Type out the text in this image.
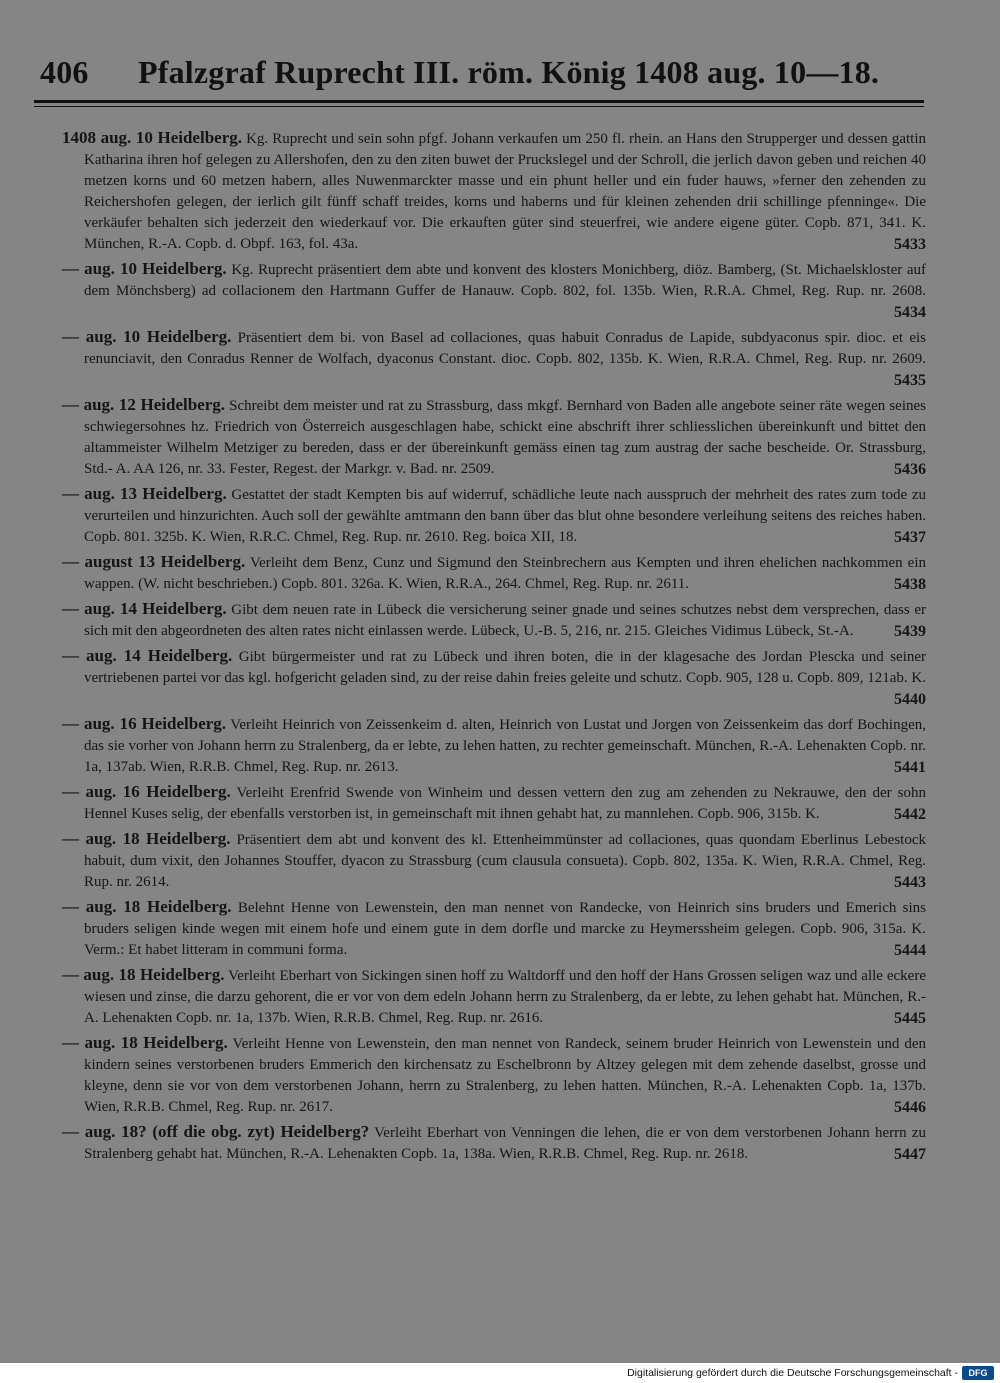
406 Pfalzgraf Ruprecht III. röm. König 1408 aug. 10—18.
1408 aug. 10 Heidelberg. Kg. Ruprecht und sein sohn pfgf. Johann verkaufen um 250 fl. rhein. an Hans den Strupperger und dessen gattin Katharina ihren hof gelegen zu Allershofen, den zu den ziten buwet der Pruckslegel und der Schroll, die jerlich davon geben und reichen 40 metzen korns und 60 metzen habern, alles Nuwenmarckter masse und ein phunt heller und ein fuder hauws, »ferner den zehenden zu Reichershofen gelegen, der ierlich gilt fünff schaff treides, korns und haberns und für kleinen zehenden drii schillinge pfenninge«. Die verkäufer behalten sich jederzeit den wiederkauf vor. Die erkauften güter sind steuerfrei, wie andere eigene güter. Copb. 871, 341. K. München, R.-A. Copb. d. Obpf. 163, fol. 43a.	5433
— aug. 10 Heidelberg. Kg. Ruprecht präsentiert dem abte und konvent des klosters Monichberg, diöz. Bamberg, (St. Michaelskloster auf dem Mönchsberg) ad collacionem den Hartmann Guffer de Hanauw. Copb. 802, fol. 135b. Wien, R.R.A. Chmel, Reg. Rup. nr. 2608.
5434
— aug. 10 Heidelberg. Präsentiert dem bi. von Basel ad collaciones, quas habuit Conradus de Lapide, subdyaconus spir. dioc. et eis renunciavit, den Conradus Renner de Wolfach, dyaconus Constant. dioc. Copb. 802, 135b. K. Wien, R.R.A. Chmel, Reg. Rup. nr. 2609.
5435
— aug. 12 Heidelberg. Schreibt dem meister und rat zu Strassburg, dass mkgf. Bernhard von Baden alle angebote seiner räte wegen seines schwiegersohnes hz. Friedrich von Österreich ausgeschlagen habe, schickt eine abschrift ihrer schliesslichen übereinkunft und bittet den altammeister Wilhelm Metziger zu bereden, dass er der übereinkunft gemäss einen tag zum austrag der sache bescheide. Or. Strassburg, Std.- A. AA 126, nr. 33. Fester, Regest. der Markgr. v. Bad. nr. 2509.	5436
— aug. 13 Heidelberg. Gestattet der stadt Kempten bis auf widerruf, schädliche leute nach ausspruch der mehrheit des rates zum tode zu verurteilen und hinzurichten. Auch soll der gewählte amtmann den bann über das blut ohne besondere verleihung seitens des reiches haben. Copb. 801. 325b. K. Wien, R.R.C. Chmel, Reg. Rup. nr. 2610. Reg. boica XII, 18.	5437
— august 13 Heidelberg. Verleiht dem Benz, Cunz und Sigmund den Steinbrechern aus Kempten und ihren ehelichen nachkommen ein wappen. (W. nicht beschrieben.) Copb. 801. 326a. K. Wien, R.R.A., 264. Chmel, Reg. Rup. nr. 2611.	5438
— aug. 14 Heidelberg. Gibt dem neuen rate in Lübeck die versicherung seiner gnade und seines schutzes nebst dem versprechen, dass er sich mit den abgeordneten des alten rates nicht einlassen werde. Lübeck, U.-B. 5, 216, nr. 215. Gleiches Vidimus Lübeck, St.-A.	5439
— aug. 14 Heidelberg. Gibt bürgermeister und rat zu Lübeck und ihren boten, die in der klagesache des Jordan Plescka und seiner vertriebenen partei vor das kgl. hofgericht geladen sind, zu der reise dahin freies geleite und schutz. Copb. 905, 128 u. Copb. 809, 121ab. K.
5440
— aug. 16 Heidelberg. Verleiht Heinrich von Zeissenkeim d. alten, Heinrich von Lustat und Jorgen von Zeissenkeim das dorf Bochingen, das sie vorher von Johann herrn zu Stralenberg, da er lebte, zu lehen hatten, zu rechter gemeinschaft. München, R.-A. Lehenakten Copb. nr. 1a, 137ab. Wien, R.R.B. Chmel, Reg. Rup. nr. 2613.	5441
— aug. 16 Heidelberg. Verleiht Erenfrid Swende von Winheim und dessen vettern den zug am zehenden zu Nekrauwe, den der sohn Hennel Kuses selig, der ebenfalls verstorben ist, in gemeinschaft mit ihnen gehabt hat, zu mannlehen. Copb. 906, 315b. K.	5442
— aug. 18 Heidelberg. Präsentiert dem abt und konvent des kl. Ettenheimmünster ad collaciones, quas quondam Eberlinus Lebestock habuit, dum vixit, den Johannes Stouffer, dyacon zu Strassburg (cum clausula consueta). Copb. 802, 135a. K. Wien, R.R.A. Chmel, Reg. Rup. nr. 2614.	5443
— aug. 18 Heidelberg. Belehnt Henne von Lewenstein, den man nennet von Randecke, von Heinrich sins bruders und Emerich sins bruders seligen kinde wegen mit einem hofe und einem gute in dem dorfle und marcke zu Heymerssheim gelegen. Copb. 906, 315a. K. Verm.: Et habet litteram in communi forma.	5444
— aug. 18 Heidelberg. Verleiht Eberhart von Sickingen sinen hoff zu Waltdorff und den hoff der Hans Grossen seligen waz und alle eckere wiesen und zinse, die darzu gehorent, die er vor von dem edeln Johann herrn zu Stralenberg, da er lebte, zu lehen gehabt hat. München, R.-A. Lehenakten Copb. nr. 1a, 137b. Wien, R.R.B. Chmel, Reg. Rup. nr. 2616.	5445
— aug. 18 Heidelberg. Verleiht Henne von Lewenstein, den man nennet von Randeck, seinem bruder Heinrich von Lewenstein und den kindern seines verstorbenen bruders Emmerich den kirchensatz zu Eschelbronn by Altzey gelegen mit dem zehende daselbst, grosse und kleyne, denn sie vor von dem verstorbenen Johann, herrn zu Stralenberg, zu lehen hatten. München, R.-A. Lehenakten Copb. 1a, 137b. Wien, R.R.B. Chmel, Reg. Rup. nr. 2617.	5446
— aug. 18? (off die obg. zyt) Heidelberg? Verleiht Eberhart von Venningen die lehen, die er von dem verstorbenen Johann herrn zu Stralenberg gehabt hat. München, R.-A. Lehenakten Copb. 1a, 138a. Wien, R.R.B. Chmel, Reg. Rup. nr. 2618.	5447
Digitalisierung gefördert durch die Deutsche Forschungsgemeinschaft -	DFG
